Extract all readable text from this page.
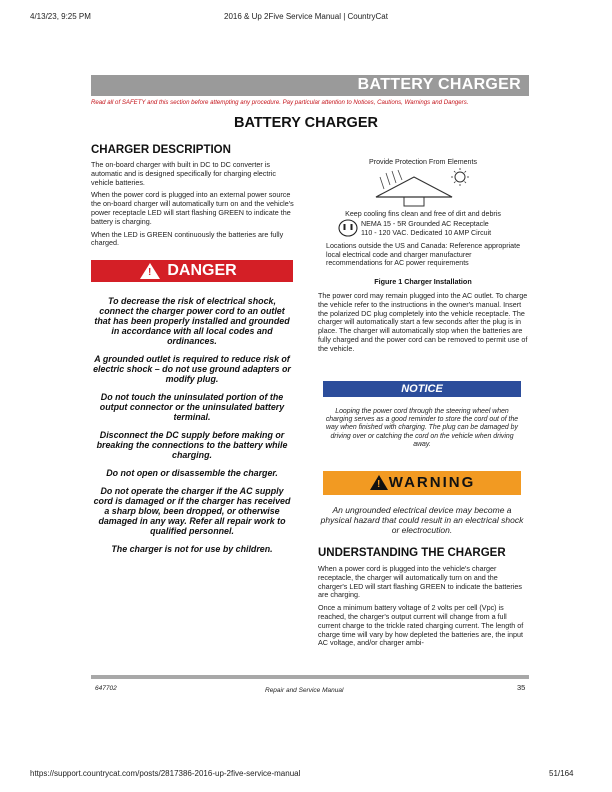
4/13/23, 9:25 PM	2016 & Up 2Five Service Manual | CountryCat
BATTERY CHARGER
Read all of SAFETY and this section before attempting any procedure. Pay particular attention to Notices, Cautions, Warnings and Dangers.
BATTERY CHARGER
CHARGER DESCRIPTION

The on-board charger with built in DC to DC converter is automatic and is designed specifically for charging electric vehicle batteries.

When the power cord is plugged into an external power source the on-board charger will automatically turn on and the vehicle's power receptacle LED will start flashing GREEN to indicate the battery is charging.

When the LED is GREEN continuously the batteries are fully charged.

! DANGER

To decrease the risk of electrical shock, connect the charger power cord to an outlet that has been properly installed and grounded in accordance with all local codes and ordinances.

A grounded outlet is required to reduce risk of electric shock – do not use ground adapters or modify plug.

Do not touch the uninsulated portion of the output connector or the uninsulated battery terminal.

Disconnect the DC supply before making or breaking the connections to the battery while charging.

Do not open or disassemble the charger.

Do not operate the charger if the AC supply cord is damaged or if the charger has received a sharp blow, been dropped, or otherwise damaged in any way. Refer all repair work to qualified personnel.

The charger is not for use by children.

Provide Protection From Elements
Keep cooling fins clean and free of dirt and debris
NEMA 15 - 5R Grounded AC Receptacle
110 - 120 VAC. Dedicated 10 AMP Circuit
Locations outside the US and Canada: Reference appropriate local electrical code and charger manufacturer recommendations for AC power requirements
Figure 1 Charger Installation
The power cord may remain plugged into the AC outlet. To charge the vehicle refer to the instructions in the owner's manual. Insert the polarized DC plug completely into the vehicle receptacle. The charger will automatically start a few seconds after the plug is in place. The charger will automatically stop when the batteries are fully charged and the power cord can be removed to permit use of the vehicle.
NOTICE
Looping the power cord through the steering wheel when charging serves as a good reminder to store the cord out of the way when finished with charging. The plug can be damaged by driving over or catching the cord on the vehicle when driving away.
! WARNING
An ungrounded electrical device may become a physical hazard that could result in an electrical shock or electrocution.
UNDERSTANDING THE CHARGER

When a power cord is plugged into the vehicle's charger receptacle, the charger will automatically turn on and the charger's LED will start flashing GREEN to indicate the batteries are charging.

Once a minimum battery voltage of 2 volts per cell (Vpc) is reached, the charger's output current will change from a full current charge to the trickle rated charging current. The length of charge time will vary by how depleted the batteries are, the input AC voltage, and/or charger ambi-

647702	Repair and Service Manual	35
https://support.countrycat.com/posts/2817386-2016-up-2five-service-manual	51/164
